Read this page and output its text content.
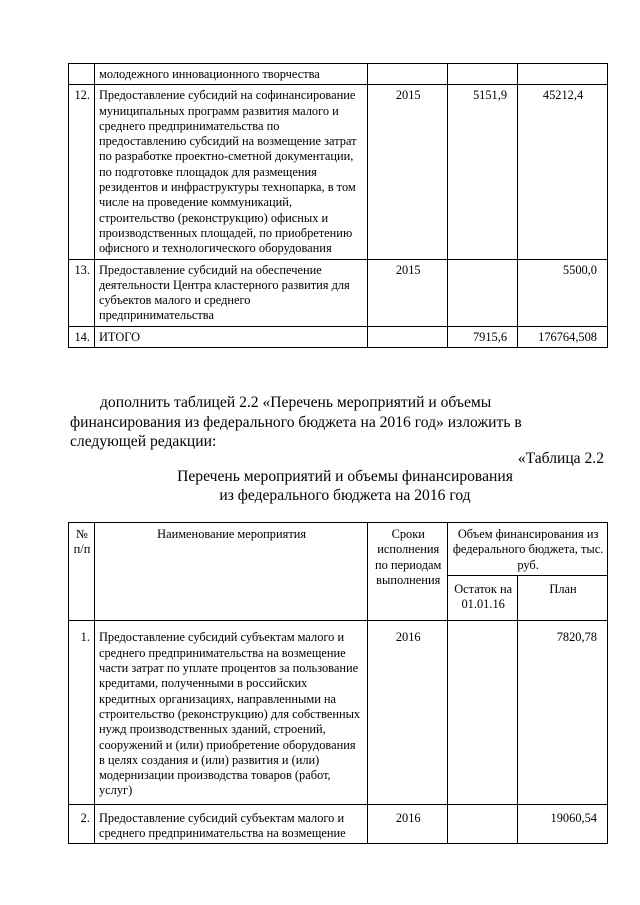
	молодежного инновационного творчества			
12.	Предоставление субсидий на софинансирование муниципальных программ развития малого и среднего предпринимательства по предоставлению субсидий на возмещение затрат по разработке проектно-сметной документации, по подготовке площадок для размещения резидентов и инфраструктуры технопарка, в том числе на проведение коммуникаций, строительство (реконструкцию) офисных и производственных площадей, по приобретению офисного и технологического оборудования	2015	5151,9	45212,4
13.	Предоставление субсидий на обеспечение деятельности Центра кластерного развития для субъектов малого и среднего предпринимательства	2015		5500,0
14.	ИТОГО		7915,6	176764,508

дополнить таблицей 2.2 «Перечень мероприятий и объемы финансирования из федерального бюджета на 2016 год» изложить в следующей редакции:

«Таблица 2.2

Перечень мероприятий и объемы финансирования

из федерального бюджета на 2016 год

№ п/п	Наименование мероприятия	Сроки исполнения по периодам выполнения	Объем финансирования из федерального бюджета, тыс. руб.	
			Остаток на 01.01.16	План
1.	Предоставление субсидий субъектам малого и среднего предпринимательства на возмещение части затрат по уплате процентов за пользование кредитами, полученными в российских кредитных организациях, направленными на строительство (реконструкцию) для собственных нужд производственных зданий, строений, сооружений и (или) приобретение оборудования в целях создания и (или) развития и (или) модернизации производства товаров (работ, услуг)	2016		7820,78
2.	Предоставление субсидий субъектам малого и среднего предпринимательства на возмещение	2016		19060,54
